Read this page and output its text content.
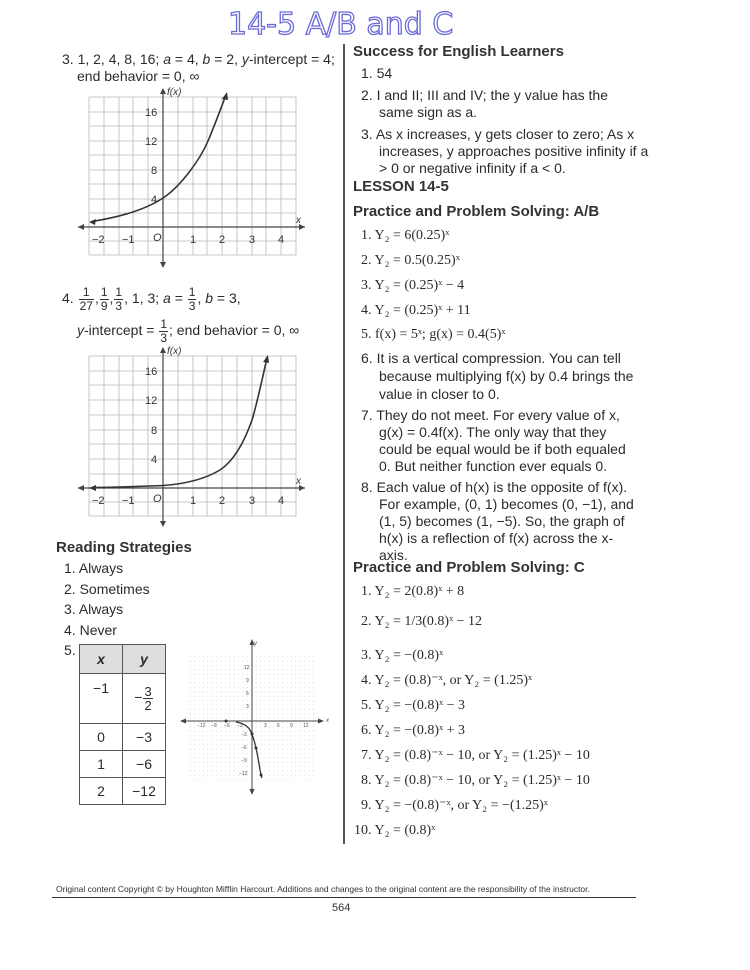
14-5 A/B and C
3. 1, 2, 4, 8, 16; a = 4, b = 2, y-intercept = 4;
end behavior = 0, ∞
f(x)
x
16
12
8
4
−2 −1 O	1 2 3 4
4. $\frac{1}{27}$ , $\frac{1}{9}$ , $\frac{1}{3}$ , 1, 3; $a = \frac{1}{3}$ , b = 3,
y-intercept = $\frac{1}{3}$ ; end behavior = 0, ∞
f(x)
x
16
12
8
4
−2 −1 O	1 2 3 4
Reading Strategies
1. Always
2. Sometimes
3. Always
4. Never
5.
x	y
−1	− $\frac{3}{2}$

0	−3
1	−6
2	−12
y
x
−12 −9 −6 −3	3 6 9 12
12
9
6
3
−3
−6
−9
−12
Success for English Learners
1. 54
2. I and II; III and IV; the y value has the same sign as a.
3. As x increases, y gets closer to zero; As x increases, y approaches positive infinity if a > 0 or negative infinity if a < 0.
LESSON 14-5
Practice and Problem Solving: A/B
1. Y₂ = 6(0.25)ˣ
2. Y₂ = 0.5(0.25)ˣ
3. Y₂ = (0.25)ˣ − 4
4. Y₂ = (0.25)ˣ + 11
5. f(x) = 5ˣ; g(x) = 0.4(5)ˣ
6. It is a vertical compression. You can tell because multiplying f(x) by 0.4 brings the value in closer to 0.
7. They do not meet. For every value of x, g(x) = 0.4f(x). The only way that they could be equal would be if both equaled 0. But neither function ever equals 0.
8. Each value of h(x) is the opposite of f(x). For example, (0, 1) becomes (0, −1), and (1, 5) becomes (1, −5). So, the graph of h(x) is a reflection of f(x) across the x-axis.
Practice and Problem Solving: C
1. Y₂ = 2(0.8)ˣ + 8
2. Y₂ = 1/3(0.8)ˣ − 12
3. Y₂ = −(0.8)ˣ
4. Y₂ = (0.8)⁻ˣ, or Y₂ = (1.25)ˣ
5. Y₂ = −(0.8)ˣ − 3
6. Y₂ = −(0.8)ˣ + 3
7. Y₂ = (0.8)⁻ˣ − 10, or Y₂ = (1.25)ˣ − 10
8. Y₂ = (0.8)⁻ˣ − 10, or Y₂ = (1.25)ˣ − 10
9. Y₂ = −(0.8)⁻ˣ, or Y₂ = −(1.25)ˣ
10. Y₂ = (0.8)ˣ
Original content Copyright © by Houghton Mifflin Harcourt. Additions and changes to the original content are the responsibility of the instructor.
564
